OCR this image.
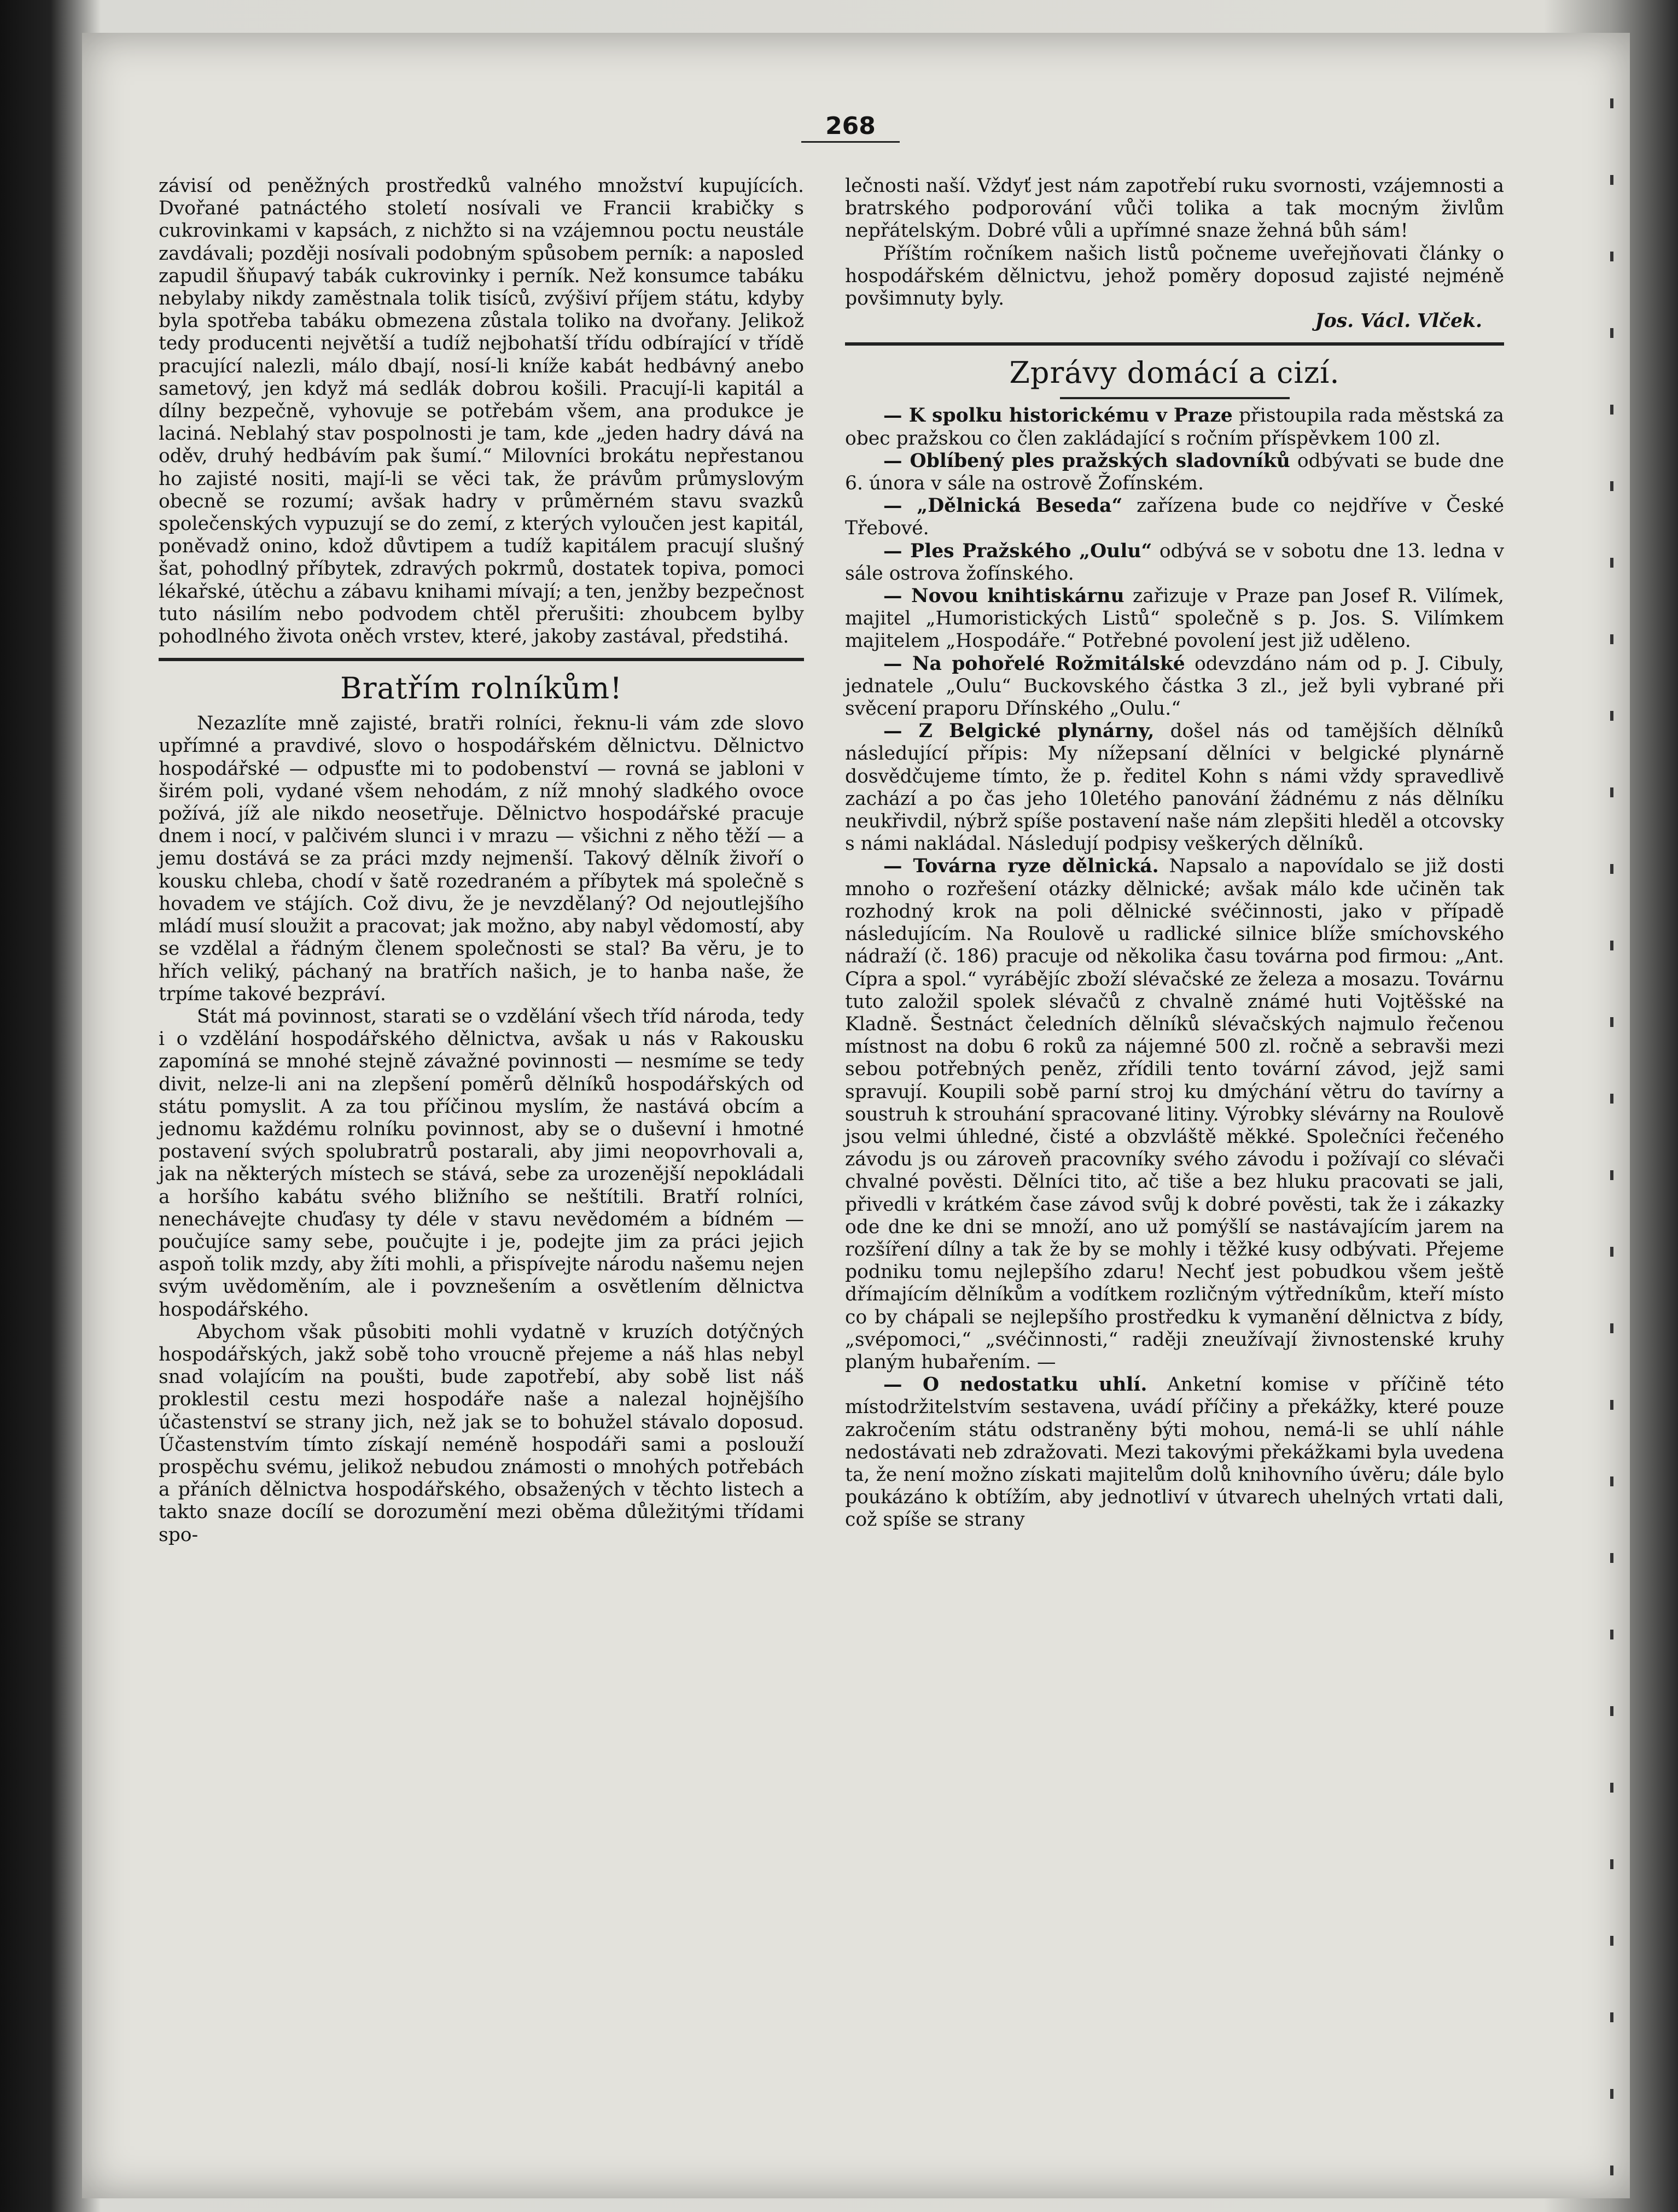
268

závisí od peněžných prostředků valného množství kupujících. Dvořané patnáctého století nosívali ve Francii krabičky s cukrovinkami v kapsách, z nichžto si na vzájemnou poctu neustále zavdávali; později nosívali podobným spůsobem perník: a naposled zapudil šňupavý tabák cukrovinky i perník. Než konsumce tabáku nebylaby nikdy zaměstnala tolik tisíců, zvýšiví příjem státu, kdyby byla spotřeba tabáku obmezena zůstala toliko na dvořany. Jelikož tedy producenti největší a tudíž nejbohatší třídu odbírající v třídě pracující nalezli, málo dbají, nosí-li kníže kabát hedbávný anebo sametový, jen když má sedlák dobrou košili. Pracují-li kapitál a dílny bezpečně, vyhovuje se potřebám všem, ana produkce je laciná. Neblahý stav pospolnosti je tam, kde „jeden hadry dává na oděv, druhý hedbávím pak šumí.“ Milovníci brokátu nepřestanou ho zajisté nositi, mají-li se věci tak, že právům průmyslovým obecně se rozumí; avšak hadry v průměrném stavu svazků společenských vypuzují se do zemí, z kterých vyloučen jest kapitál, poněvadž onino, kdož důvtipem a tudíž kapitálem pracují slušný šat, pohodlný příbytek, zdravých pokrmů, dostatek topiva, pomoci lékařské, útěchu a zábavu knihami mívají; a ten, jenžby bezpečnost tuto násilím nebo podvodem chtěl přerušiti: zhoubcem bylby pohodlného života oněch vrstev, které, jakoby zastával, předstihá.

Bratřím rolníkům!

Nezazlíte mně zajisté, bratři rolníci, řeknu-li vám zde slovo upřímné a pravdivé, slovo o hospodářském dělnictvu. Dělnictvo hospodářské — odpusťte mi to podobenství — rovná se jabloni v širém poli, vydané všem nehodám, z níž mnohý sladkého ovoce požívá, jíž ale nikdo neosetřuje. Dělnictvo hospodářské pracuje dnem i nocí, v palčivém slunci i v mrazu — všichni z něho těží — a jemu dostává se za práci mzdy nejmenší. Takový dělník živoří o kousku chleba, chodí v šatě rozedraném a příbytek má společně s hovadem ve stájích. Což divu, že je nevzdělaný? Od nejoutlejšího mládí musí sloužit a pracovat; jak možno, aby nabyl vědomostí, aby se vzdělal a řádným členem společnosti se stal? Ba věru, je to hřích veliký, páchaný na bratřích našich, je to hanba naše, že trpíme takové bezpráví.

Stát má povinnost, starati se o vzdělání všech tříd národa, tedy i o vzdělání hospodářského dělnictva, avšak u nás v Rakousku zapomíná se mnohé stejně závažné povinnosti — nesmíme se tedy divit, nelze-li ani na zlepšení poměrů dělníků hospodářských od státu pomyslit. A za tou příčinou myslím, že nastává obcím a jednomu každému rolníku povinnost, aby se o duševní i hmotné postavení svých spolubratrů postarali, aby jimi neopovrhovali a, jak na některých místech se stává, sebe za urozenější nepokládali a horšího kabátu svého bližního se neštítili. Bratří rolníci, nenechávejte chuďasy ty déle v stavu nevědomém a bídném — poučujíce samy sebe, poučujte i je, podejte jim za práci jejich aspoň tolik mzdy, aby žíti mohli, a přispívejte národu našemu nejen svým uvědoměním, ale i povznešením a osvětlením dělnictva hospodářského.

Abychom však působiti mohli vydatně v kruzích dotýčných hospodářských, jakž sobě toho vroucně přejeme a náš hlas nebyl snad volajícím na poušti, bude zapotřebí, aby sobě list náš proklestil cestu mezi hospodáře naše a nalezal hojnějšího účastenství se strany jich, než jak se to bohužel stávalo doposud. Účastenstvím tímto získají neméně hospodáři sami a poslouží prospěchu svému, jelikož nebudou známosti o mnohých potřebách a přáních dělnictva hospodářského, obsažených v těchto listech a takto snaze docílí se dorozumění mezi oběma důležitými třídami spo-

lečnosti naší. Vždyť jest nám zapotřebí ruku svornosti, vzájemnosti a bratrského podporování vůči tolika a tak mocným živlům nepřátelským. Dobré vůli a upřímné snaze žehná bůh sám!

Příštím ročníkem našich listů počneme uveřejňovati články o hospodářském dělnictvu, jehož poměry doposud zajisté nejméně povšimnuty byly.

Jos. Václ. Vlček.

Zprávy domácí a cizí.

— K spolku historickému v Praze přistoupila rada městská za obec pražskou co člen zakládající s ročním příspěvkem 100 zl.

— Oblíbený ples pražských sladovníků odbývati se bude dne 6. února v sále na ostrově Žofínském.

— „Dělnická Beseda“ zařízena bude co nejdříve v České Třebové.

— Ples Pražského „Oulu“ odbývá se v sobotu dne 13. ledna v sále ostrova žofínského.

— Novou knihtiskárnu zařizuje v Praze pan Josef R. Vilímek, majitel „Humoristických Listů“ společně s p. Jos. S. Vilímkem majitelem „Hospodáře.“ Potřebné povolení jest již uděleno.

— Na pohořelé Rožmitálské odevzdáno nám od p. J. Cibuly, jednatele „Oulu“ Buckovského částka 3 zl., jež byli vybrané při svěcení praporu Dřínského „Oulu.“

— Z Belgické plynárny, došel nás od tamějších dělníků následující přípis: My nížepsaní dělníci v belgické plynárně dosvědčujeme tímto, že p. ředitel Kohn s námi vždy spravedlivě zachází a po čas jeho 10letého panování žádnému z nás dělníku neukřivdil, nýbrž spíše postavení naše nám zlepšiti hleděl a otcovsky s námi nakládal. Následují podpisy veškerých dělníků.

— Továrna ryze dělnická. Napsalo a napovídalo se již dosti mnoho o rozřešení otázky dělnické; avšak málo kde učiněn tak rozhodný krok na poli dělnické svéčinnosti, jako v případě následujícím. Na Roulově u radlické silnice blíže smíchovského nádraží (č. 186) pracuje od několika času továrna pod firmou: „Ant. Cípra a spol.“ vyrábějíc zboží slévačské ze železa a mosazu. Továrnu tuto založil spolek slévačů z chvalně známé huti Vojtěšské na Kladně. Šestnáct čeledních dělníků slévačských najmulo řečenou místnost na dobu 6 roků za nájemné 500 zl. ročně a sebravši mezi sebou potřebných peněz, zřídili tento tovární závod, jejž sami spravují. Koupili sobě parní stroj ku dmýchání větru do tavírny a soustruh k strouhání spracované litiny. Výrobky slévárny na Roulově jsou velmi úhledné, čisté a obzvláště měkké. Společníci řečeného závodu js ou zároveň pracovníky svého závodu i požívají co slévači chvalné pověsti. Dělníci tito, ač tiše a bez hluku pracovati se jali, přivedli v krátkém čase závod svůj k dobré pověsti, tak že i zákazky ode dne ke dni se množí, ano už pomýšlí se nastávajícím jarem na rozšíření dílny a tak že by se mohly i těžké kusy odbývati. Přejeme podniku tomu nejlepšího zdaru! Nechť jest pobudkou všem ještě dřímajícím dělníkům a vodítkem rozličným výtředníkům, kteří místo co by chápali se nejlepšího prostředku k vymanění dělnictva z bídy, „svépomoci,“ „svéčinnosti,“ raději zneužívají živnostenské kruhy planým hubařením. —

— O nedostatku uhlí. Anketní komise v příčině této místodržitelstvím sestavena, uvádí příčiny a překážky, které pouze zakročením státu odstraněny býti mohou, nemá-li se uhlí náhle nedostávati neb zdražovati. Mezi takovými překážkami byla uvedena ta, že není možno získati majitelům dolů knihovního úvěru; dále bylo poukázáno k obtížím, aby jednotliví v útvarech uhelných vrtati dali, což spíše se strany
